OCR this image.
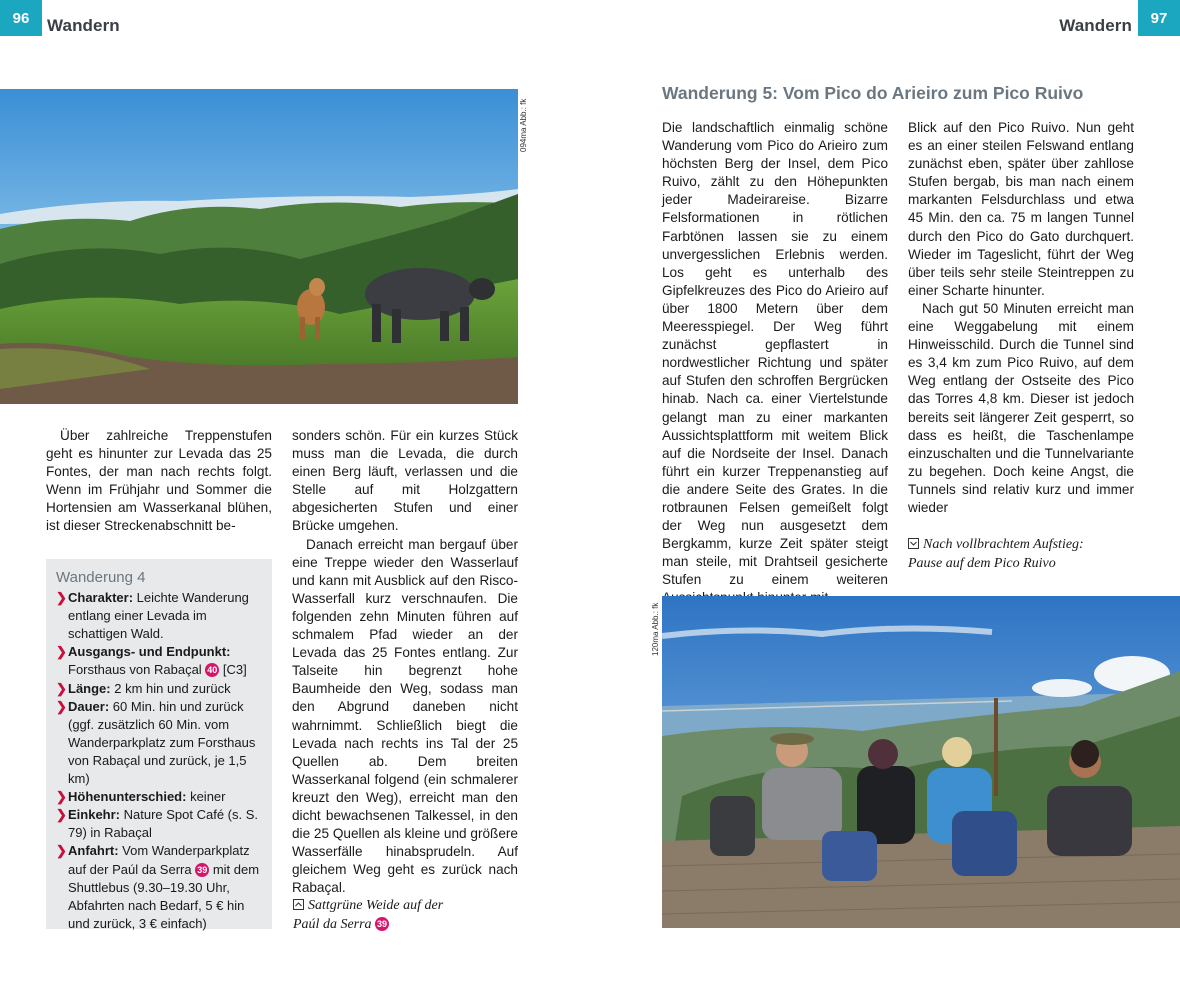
96	Wandern
094ma Abb.: fk

Über zahlreiche Treppenstufen geht es hinunter zur Levada das 25 Fontes, der man nach rechts folgt. Wenn im Frühjahr und Sommer die Hortensien am Wasserkanal blühen, ist dieser Streckenabschnitt be-

sonders schön. Für ein kurzes Stück muss man die Levada, die durch einen Berg läuft, verlassen und die Stelle auf mit Holzgattern abgesicherten Stufen und einer Brücke umgehen.

Danach erreicht man bergauf über eine Treppe wieder den Wasserlauf und kann mit Ausblick auf den Risco-Wasserfall kurz verschnaufen. Die folgenden zehn Minuten führen auf schmalem Pfad wieder an der Levada das 25 Fontes entlang. Zur Talseite hin begrenzt hohe Baumheide den Weg, sodass man den Abgrund daneben nicht wahrnimmt. Schließlich biegt die Levada nach rechts ins Tal der 25 Quellen ab. Dem breiten Wasserkanal folgend (ein schmalerer kreuzt den Weg), erreicht man den dicht bewachsenen Talkessel, in den die 25 Quellen als kleine und größere Wasserfälle hinabsprudeln. Auf gleichem Weg geht es zurück nach Rabaçal.

Wanderung 4
❯ Charakter: Leichte Wanderung entlang einer Levada im schattigen Wald.
❯ Ausgangs- und Endpunkt: Forsthaus von Rabaçal 40 [C3]
❯ Länge: 2 km hin und zurück
❯ Dauer: 60 Min. hin und zurück (ggf. zusätzlich 60 Min. vom Wanderparkplatz zum Forsthaus von Rabaçal und zurück, je 1,5 km)
❯ Höhenunterschied: keiner
❯ Einkehr: Nature Spot Café (s. S. 79) in Rabaçal
❯ Anfahrt: Vom Wanderparkplatz auf der Paúl da Serra 39 mit dem Shuttlebus (9.30–19.30 Uhr, Abfahrten nach Bedarf, 5 € hin und zurück, 3 € einfach)
Sattgrüne Weide auf der
Paúl da Serra 39
Wandern	97
Wanderung 5: Vom Pico do Arieiro zum Pico Ruivo

Die landschaftlich einmalig schöne Wanderung vom Pico do Arieiro zum höchsten Berg der Insel, dem Pico Ruivo, zählt zu den Höhepunkten jeder Madeirareise. Bizarre Felsformationen in rötlichen Farbtönen lassen sie zu einem unvergesslichen Erlebnis werden. Los geht es unterhalb des Gipfelkreuzes des Pico do Arieiro auf über 1800 Metern über dem Meeresspiegel. Der Weg führt zunächst gepflastert in nordwestlicher Richtung und später auf Stufen den schroffen Bergrücken hinab. Nach ca. einer Viertelstunde gelangt man zu einer markanten Aussichtsplattform mit weitem Blick auf die Nordseite der Insel. Danach führt ein kurzer Treppenanstieg auf die andere Seite des Grates. In die rotbraunen Felsen gemeißelt folgt der Weg nun ausgesetzt dem Bergkamm, kurze Zeit später steigt man steile, mit Drahtseil gesicherte Stufen zu einem weiteren

Blick auf den Pico Ruivo. Nun geht es an einer steilen Felswand entlang zunächst eben, später über zahllose Stufen bergab, bis man nach einem markanten Felsdurchlass und etwa 45 Min. den ca. 75 m langen Tunnel durch den Pico do Gato durchquert. Wieder im Tageslicht, führt der Weg über teils sehr steile Steintreppen zu einer Scharte hinunter.

Nach gut 50 Minuten erreicht man eine Weggabelung mit einem Hinweisschild. Durch die Tunnel sind es 3,4 km zum Pico Ruivo, auf dem Weg entlang der Ostseite des Pico das Torres 4,8 km. Dieser ist jedoch bereits seit längerer Zeit gesperrt, so dass es heißt, die Taschenlampe einzuschalten und die Tunnelvariante zu begehen. Doch keine Angst, die Tunnels sind relativ kurz und immer wieder

Nach vollbrachtem Aufstieg:
Pause auf dem Pico Ruivo
120ma Abb.: fk
